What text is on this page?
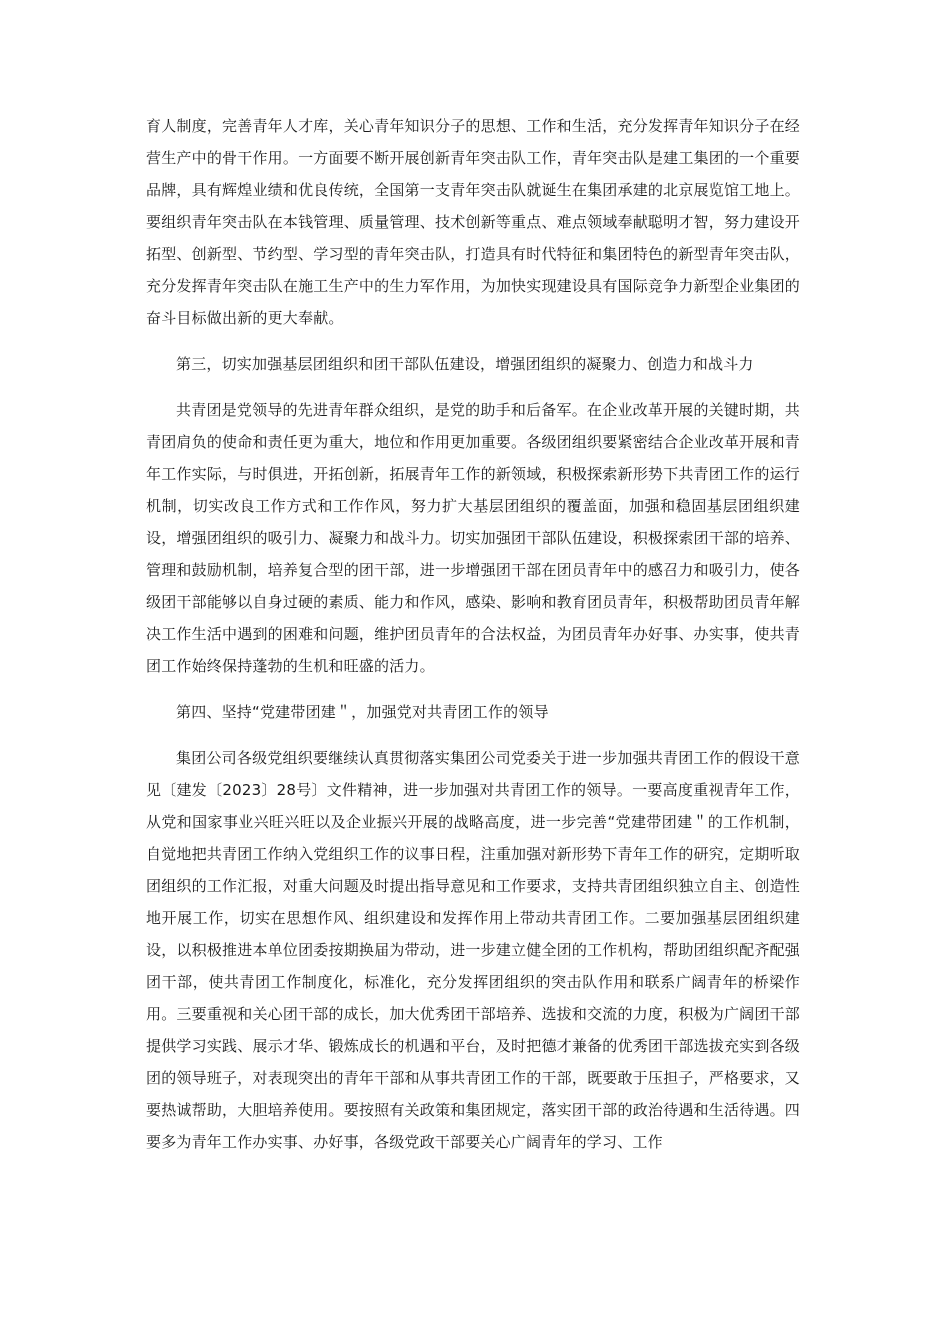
育人制度，完善青年人才库，关心青年知识分子的思想、工作和生活，充分发挥青年知识分子在经营生产中的骨干作用。一方面要不断开展创新青年突击队工作，青年突击队是建工集团的一个重要品牌，具有辉煌业绩和优良传统，全国第一支青年突击队就诞生在集团承建的北京展览馆工地上。要组织青年突击队在本钱管理、质量管理、技术创新等重点、难点领域奉献聪明才智，努力建设开拓型、创新型、节约型、学习型的青年突击队，打造具有时代特征和集团特色的新型青年突击队，充分发挥青年突击队在施工生产中的生力军作用，为加快实现建设具有国际竞争力新型企业集团的奋斗目标做出新的更大奉献。

第三，切实加强基层团组织和团干部队伍建设，增强团组织的凝聚力、创造力和战斗力

共青团是党领导的先进青年群众组织，是党的助手和后备军。在企业改革开展的关键时期，共青团肩负的使命和责任更为重大，地位和作用更加重要。各级团组织要紧密结合企业改革开展和青年工作实际，与时俱进，开拓创新，拓展青年工作的新领域，积极探索新形势下共青团工作的运行机制，切实改良工作方式和工作作风，努力扩大基层团组织的覆盖面，加强和稳固基层团组织建设，增强团组织的吸引力、凝聚力和战斗力。切实加强团干部队伍建设，积极探索团干部的培养、管理和鼓励机制，培养复合型的团干部，进一步增强团干部在团员青年中的感召力和吸引力，使各级团干部能够以自身过硬的素质、能力和作风，感染、影响和教育团员青年，积极帮助团员青年解决工作生活中遇到的困难和问题，维护团员青年的合法权益，为团员青年办好事、办实事，使共青团工作始终保持蓬勃的生机和旺盛的活力。

第四、坚持“党建带团建＂，加强党对共青团工作的领导

集团公司各级党组织要继续认真贯彻落实集团公司党委关于进一步加强共青团工作的假设干意见〔建发〔2023〕28号〕文件精神，进一步加强对共青团工作的领导。一要高度重视青年工作，从党和国家事业兴旺兴旺以及企业振兴开展的战略高度，进一步完善“党建带团建＂的工作机制，自觉地把共青团工作纳入党组织工作的议事日程，注重加强对新形势下青年工作的研究，定期听取团组织的工作汇报，对重大问题及时提出指导意见和工作要求，支持共青团组织独立自主、创造性地开展工作，切实在思想作风、组织建设和发挥作用上带动共青团工作。二要加强基层团组织建设，以积极推进本单位团委按期换届为带动，进一步建立健全团的工作机构，帮助团组织配齐配强团干部，使共青团工作制度化，标准化，充分发挥团组织的突击队作用和联系广阔青年的桥梁作用。三要重视和关心团干部的成长，加大优秀团干部培养、选拔和交流的力度，积极为广阔团干部提供学习实践、展示才华、锻炼成长的机遇和平台，及时把德才兼备的优秀团干部选拔充实到各级团的领导班子，对表现突出的青年干部和从事共青团工作的干部，既要敢于压担子，严格要求，又要热诚帮助，大胆培养使用。要按照有关政策和集团规定，落实团干部的政治待遇和生活待遇。四要多为青年工作办实事、办好事，各级党政干部要关心广阔青年的学习、工作
